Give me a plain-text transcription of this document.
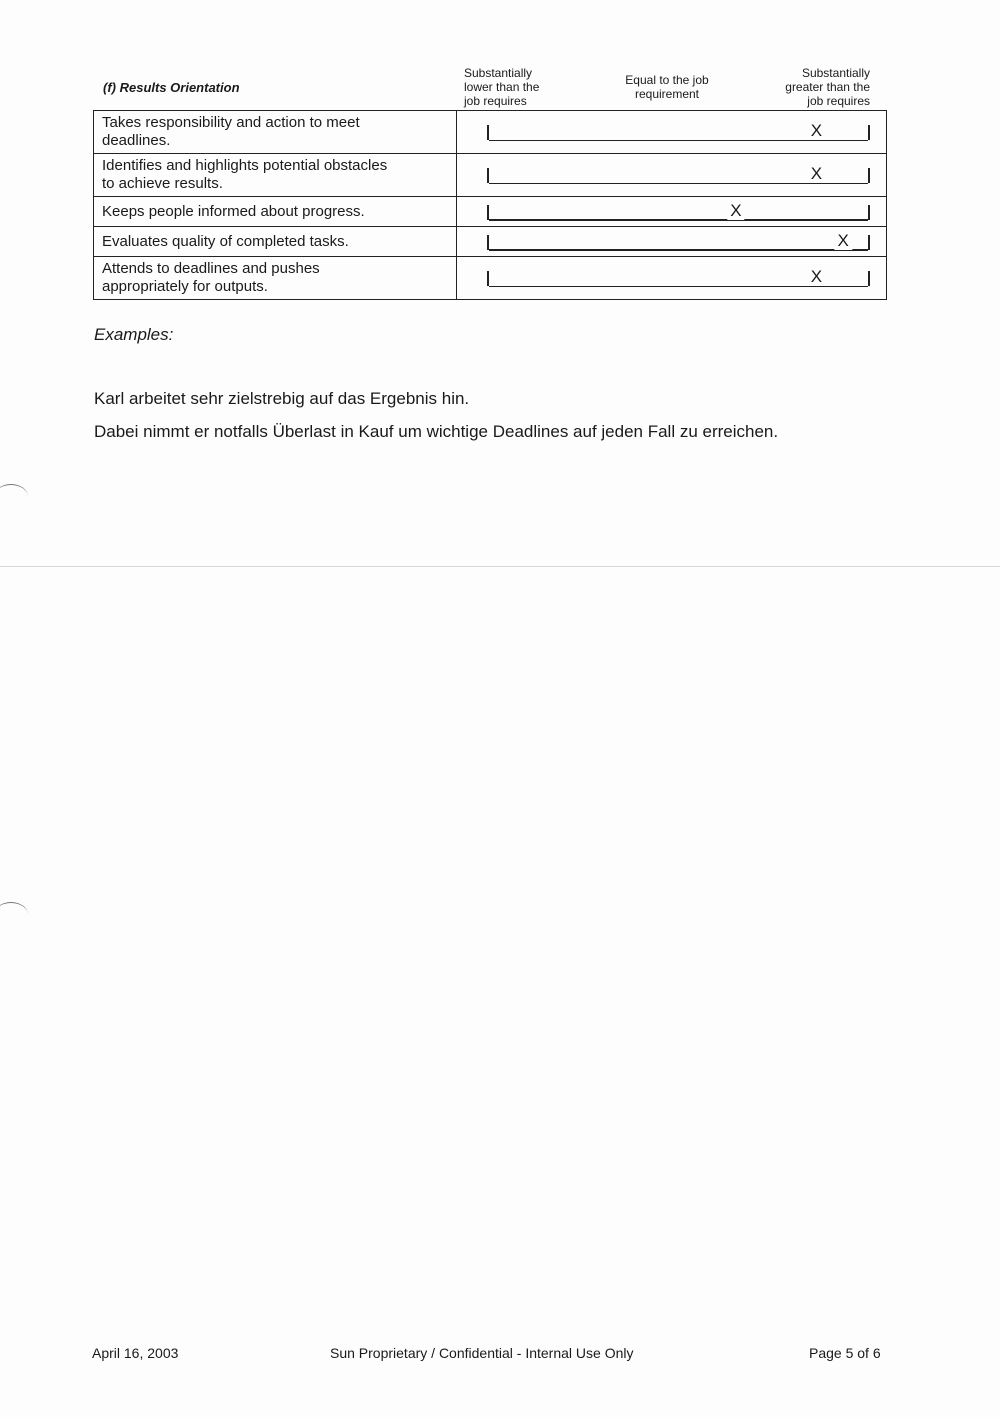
(f) Results Orientation
Substantially
lower than the
job requires
Equal to the job
requirement
Substantially
greater than the
job requires
Takes responsibility and action to meet
deadlines.	X

Identifies and highlights potential obstacles
to achieve results.	X

Keeps people informed about progress.	X

Evaluates quality of completed tasks.	X

Attends to deadlines and pushes
appropriately for outputs.	X
Examples:
Karl arbeitet sehr zielstrebig auf das Ergebnis hin.
Dabei nimmt er notfalls Überlast in Kauf um wichtige Deadlines auf jeden Fall zu erreichen.
April 16, 2003	Sun Proprietary / Confidential - Internal Use Only	Page 5 of 6
